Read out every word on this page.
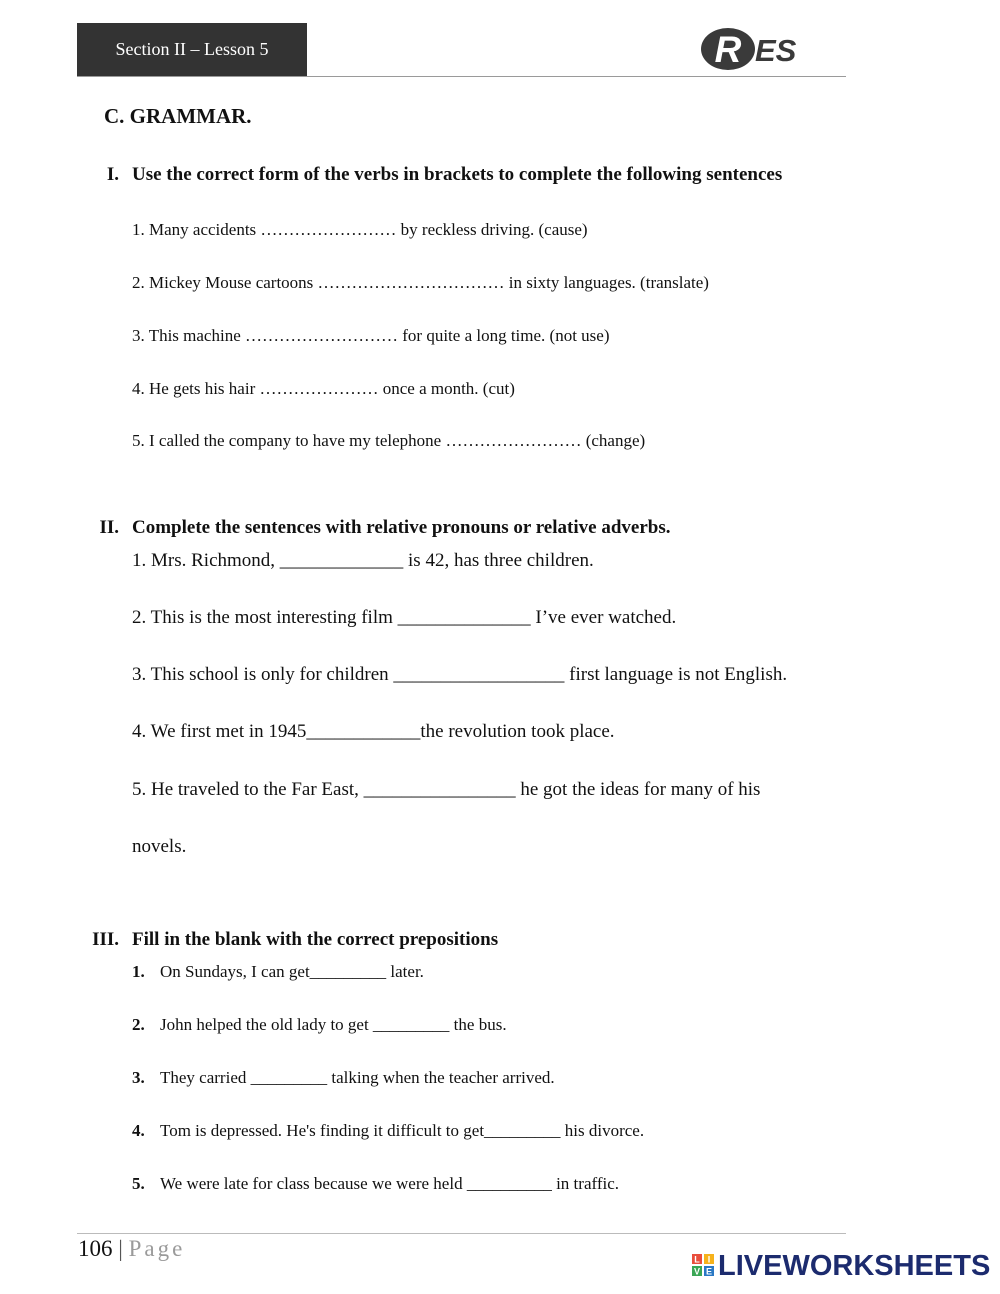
Section II – Lesson 5	R ES
C. GRAMMAR.
I. Use the correct form of the verbs in brackets to complete the following sentences
1. Many accidents …………………… by reckless driving. (cause)
2. Mickey Mouse cartoons …………………………… in sixty languages. (translate)
3. This machine ……………………… for quite a long time. (not use)
4. He gets his hair ………………… once a month. (cut)
5. I called the company to have my telephone …………………… (change)
II. Complete the sentences with relative pronouns or relative adverbs.
1. Mrs. Richmond, _____________ is 42, has three children.
2. This is the most interesting film ______________ I’ve ever watched.
3. This school is only for children __________________ first language is not English.
4. We first met in 1945____________the revolution took place.
5. He traveled to the Far East, ________________ he got the ideas for many of his
novels.
III. Fill in the blank with the correct prepositions
1. On Sundays, I can get_________ later.
2. John helped the old lady to get _________ the bus.
3. They carried _________ talking when the teacher arrived.
4. Tom is depressed. He's finding it difficult to get_________ his divorce.
5. We were late for class because we were held __________ in traffic.
106 | Page	L I
V E LIVEWORKSHEETS
